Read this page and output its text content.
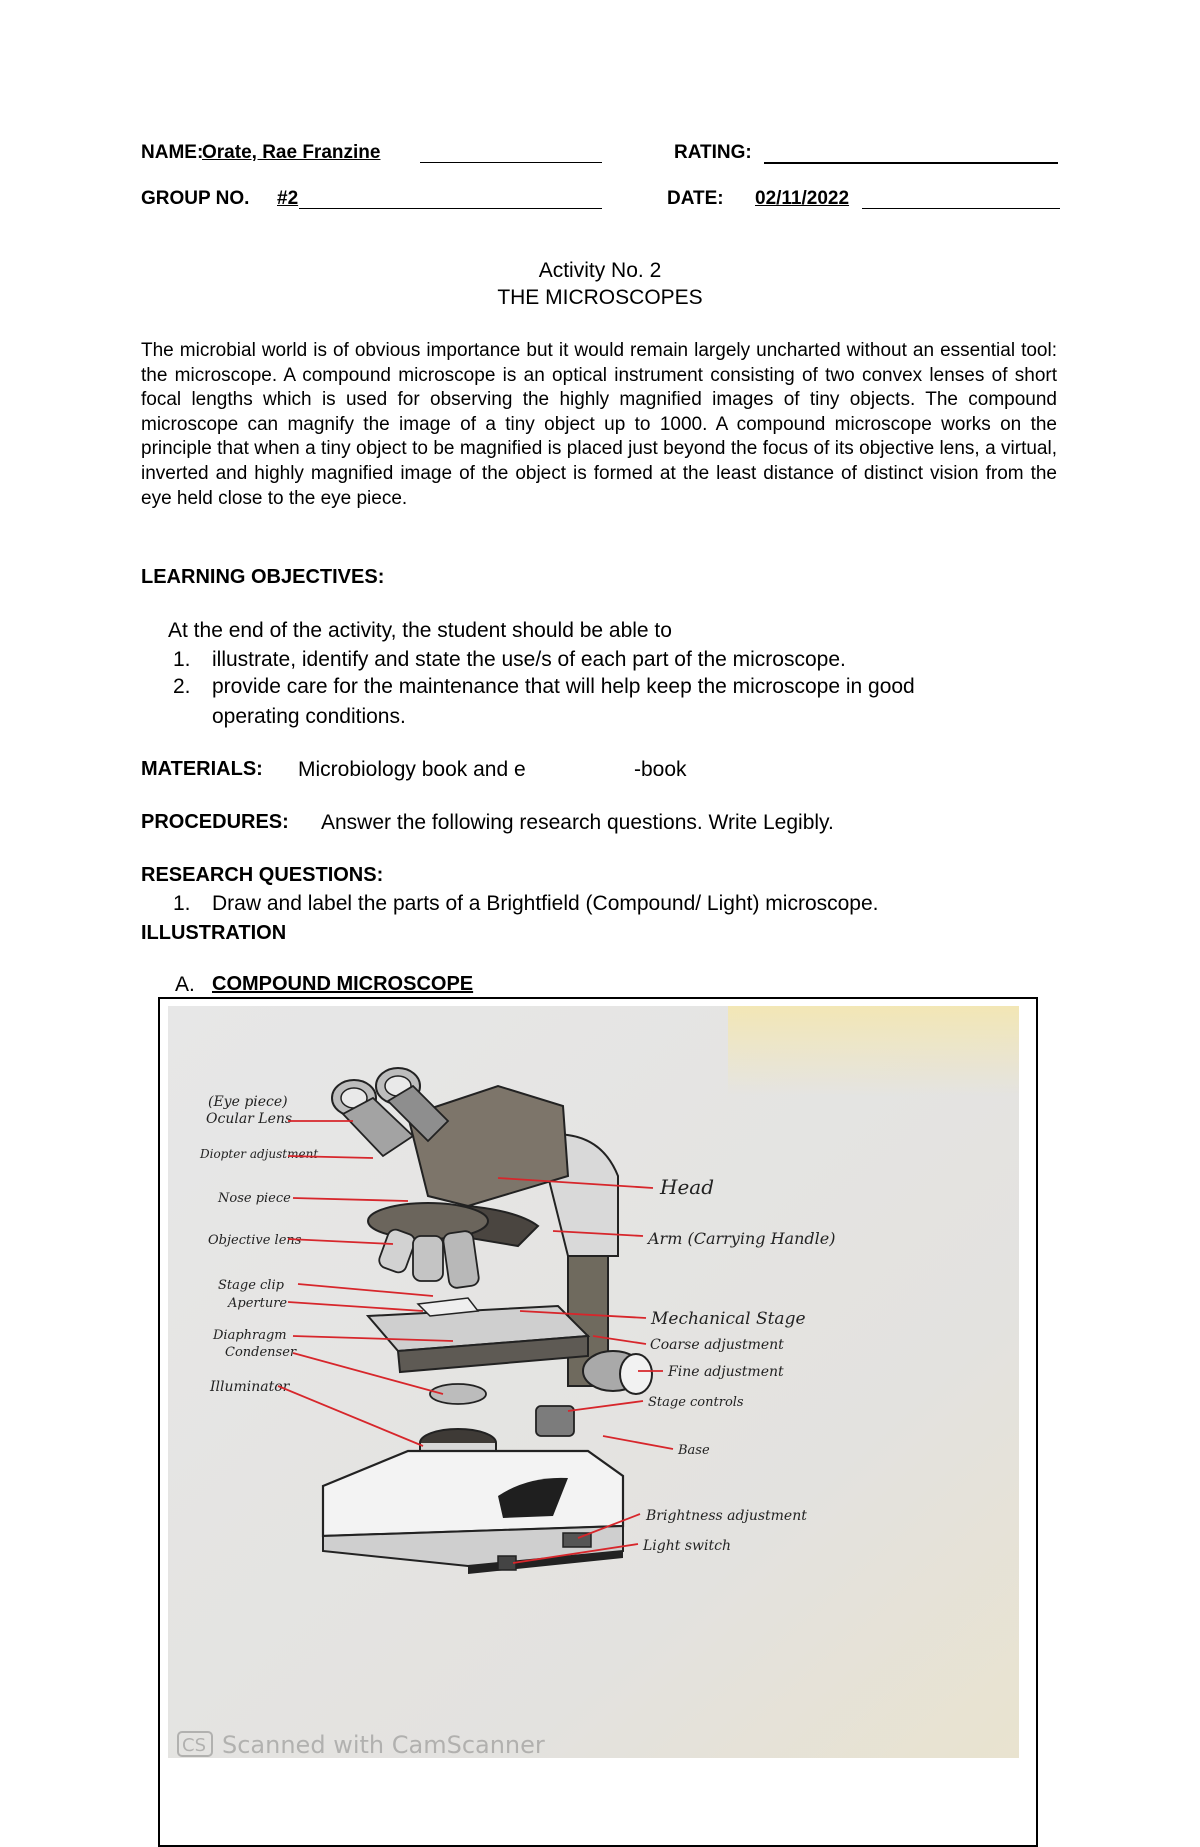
NAME:
Orate, Rae Franzine	RATING:
GROUP NO. #2	DATE: 02/11/2022
Activity No. 2
THE MICROSCOPES
The microbial world is of obvious importance but it would remain largely uncharted without an essential tool: the microscope. A compound microscope is an optical instrument consisting of two convex lenses of short focal lengths which is used for observing the highly magnified images of tiny objects. The compound microscope can magnify the image of a tiny object up to 1000. A compound microscope works on the principle that when a tiny object to be magnified is placed just beyond the focus of its objective lens, a virtual, inverted and highly magnified image of the object is formed at the least distance of distinct vision from the eye held close to the eye piece.
LEARNING OBJECTIVES:
At the end of the activity, the student should be able to
1. illustrate, identify and state the use/s of each part of the microscope.
2. provide care for the maintenance that will help keep the microscope in good
operating conditions.
MATERIALS: Microbiology book and e	-book
PROCEDURES: Answer the following research questions. Write Legibly.
RESEARCH QUESTIONS:
1. Draw and label the parts of a Brightfield (Compound/ Light) microscope.
ILLUSTRATION
A. COMPOUND MICROSCOPE
(Eye piece)
Ocular Lens
Diopter adjustment
Nose piece
Objective lens
Stage clip
Aperture
Diaphragm
Condenser
Illuminator
Head
Arm (Carrying Handle)
Mechanical Stage
Coarse adjustment
Fine adjustment
Stage controls
Base
Brightness adjustment
Light switch
CS Scanned with CamScanner
